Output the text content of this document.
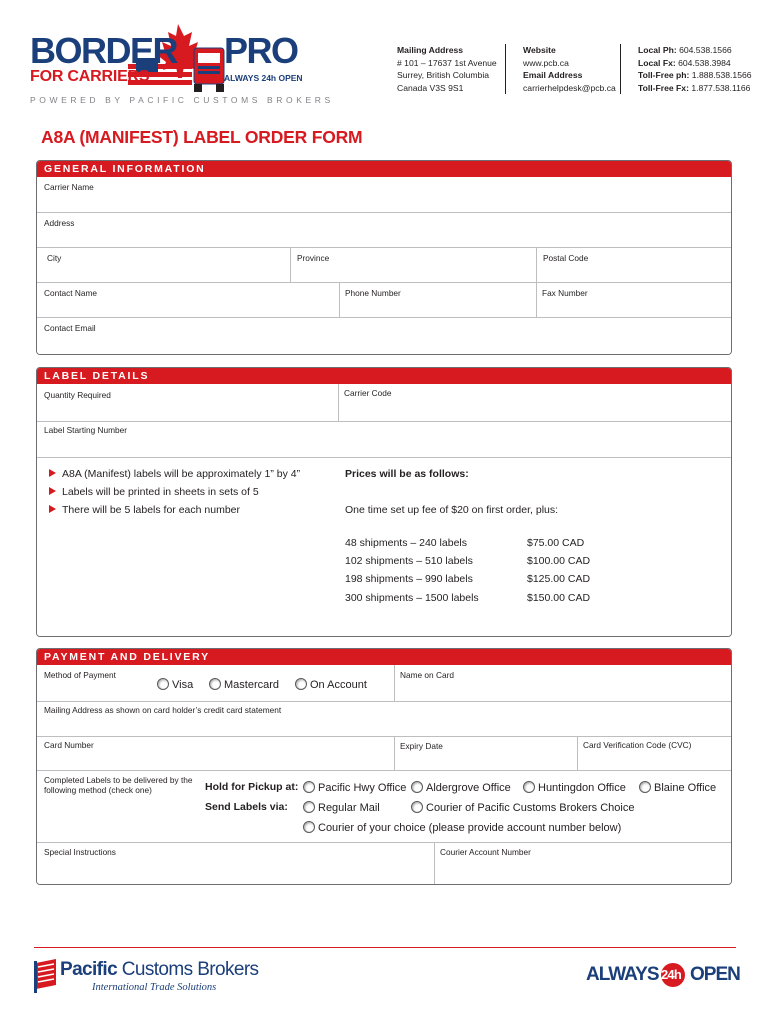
BORDER PRO
FOR CARRIERS	ALWAYS 24h OPEN
POWERED BY PACIFIC CUSTOMS BROKERS
Mailing Address
# 101 – 17637 1st Avenue
Surrey, British Columbia
Canada V3S 9S1
Website
www.pcb.ca
Email Address
carrierhelpdesk@pcb.ca
Local Ph: 604.538.1566
Local Fx: 604.538.3984
Toll-Free ph: 1.888.538.1566
Toll-Free Fx: 1.877.538.1166
A8A (MANIFEST) LABEL ORDER FORM
GENERAL INFORMATION
Carrier Name
Address
City	Province	Postal Code
Contact Name	Phone Number	Fax Number
Contact Email
LABEL DETAILS
Quantity Required	Carrier Code
Label Starting Number
A8A (Manifest) labels will be approximately 1” by 4”
Labels will be printed in sheets in sets of 5
There will be 5 labels for each number
Prices will be as follows:
One time set up fee of $20 on first order, plus:
48 shipments – 240 labels	$75.00 CAD
102 shipments – 510 labels	$100.00 CAD
198 shipments – 990 labels	$125.00 CAD
300 shipments – 1500 labels	$150.00 CAD
PAYMENT AND DELIVERY
Method of Payment
Visa	Mastercard	On Account
Name on Card
Mailing Address as shown on card holder’s credit card statement
Card Number	Expiry Date	Card Verification Code (CVC)
Completed Labels to be delivered by the following method (check one)	Hold for Pickup at:	Pacific Hwy Office	Aldergrove Office	Huntingdon Office	Blaine Office
Send Labels via:	Regular Mail	Courier of Pacific Customs Brokers Choice
Courier of your choice (please provide account number below)
Special Instructions	Courier Account Number
Pacific Customs Brokers
International Trade Solutions
ALWAYS 24h OPEN
